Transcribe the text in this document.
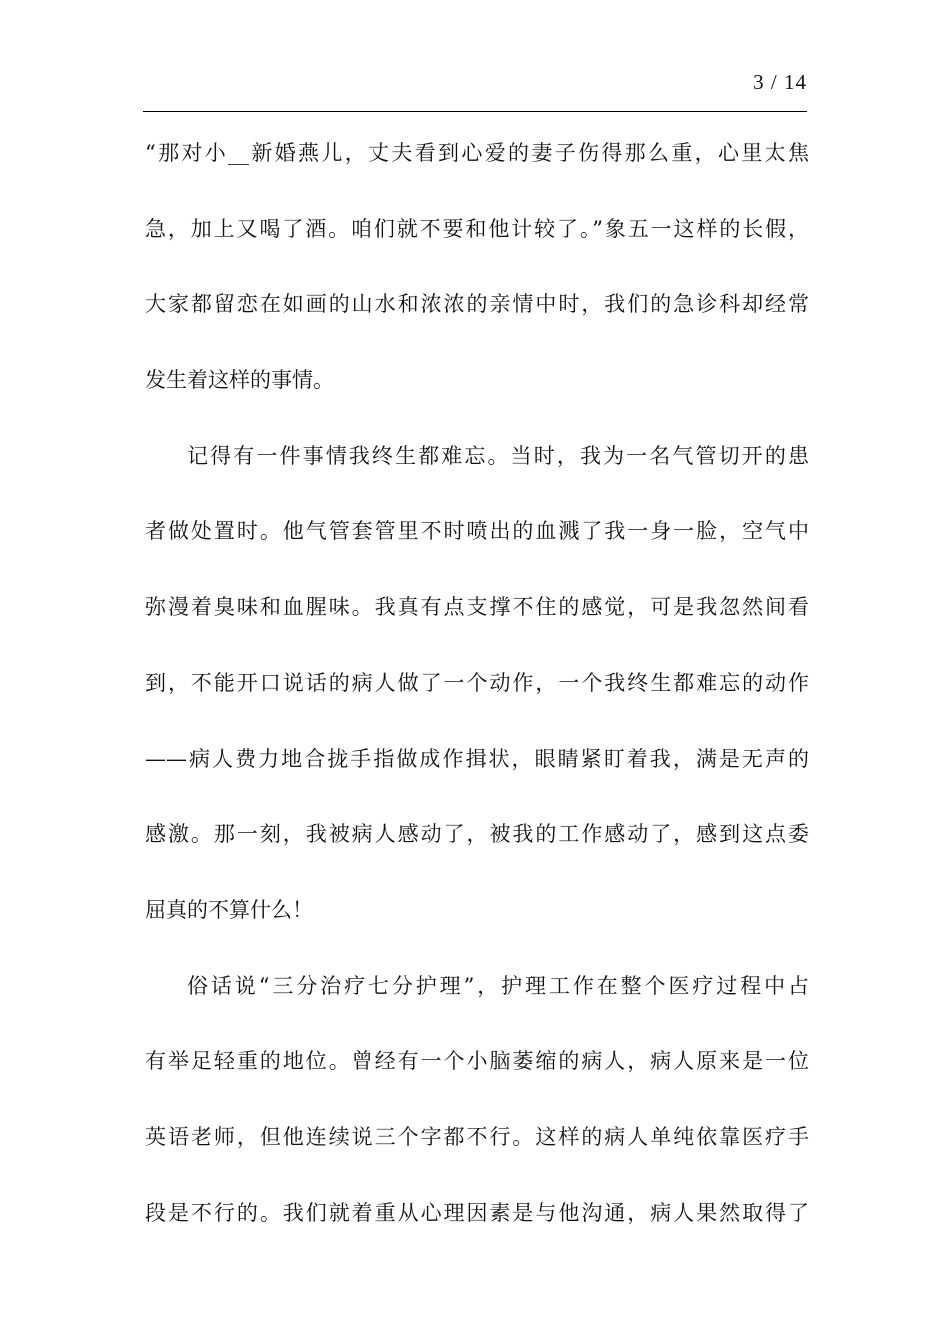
3 / 14
“那对小__新婚燕儿，丈夫看到心爱的妻子伤得那么重，心里太焦
急，加上又喝了酒。咱们就不要和他计较了。”象五一这样的长假，
大家都留恋在如画的山水和浓浓的亲情中时，我们的急诊科却经常
发生着这样的事情。
记得有一件事情我终生都难忘。当时，我为一名气管切开的患
者做处置时。他气管套管里不时喷出的血溅了我一身一脸，空气中
弥漫着臭味和血腥味。我真有点支撑不住的感觉，可是我忽然间看
到，不能开口说话的病人做了一个动作，一个我终生都难忘的动作
——病人费力地合拢手指做成作揖状，眼睛紧盯着我，满是无声的
感激。那一刻，我被病人感动了，被我的工作感动了，感到这点委
屈真的不算什么！
俗话说“三分治疗七分护理”，护理工作在整个医疗过程中占
有举足轻重的地位。曾经有一个小脑萎缩的病人，病人原来是一位
英语老师，但他连续说三个字都不行。这样的病人单纯依靠医疗手
段是不行的。我们就着重从心理因素是与他沟通，病人果然取得了
